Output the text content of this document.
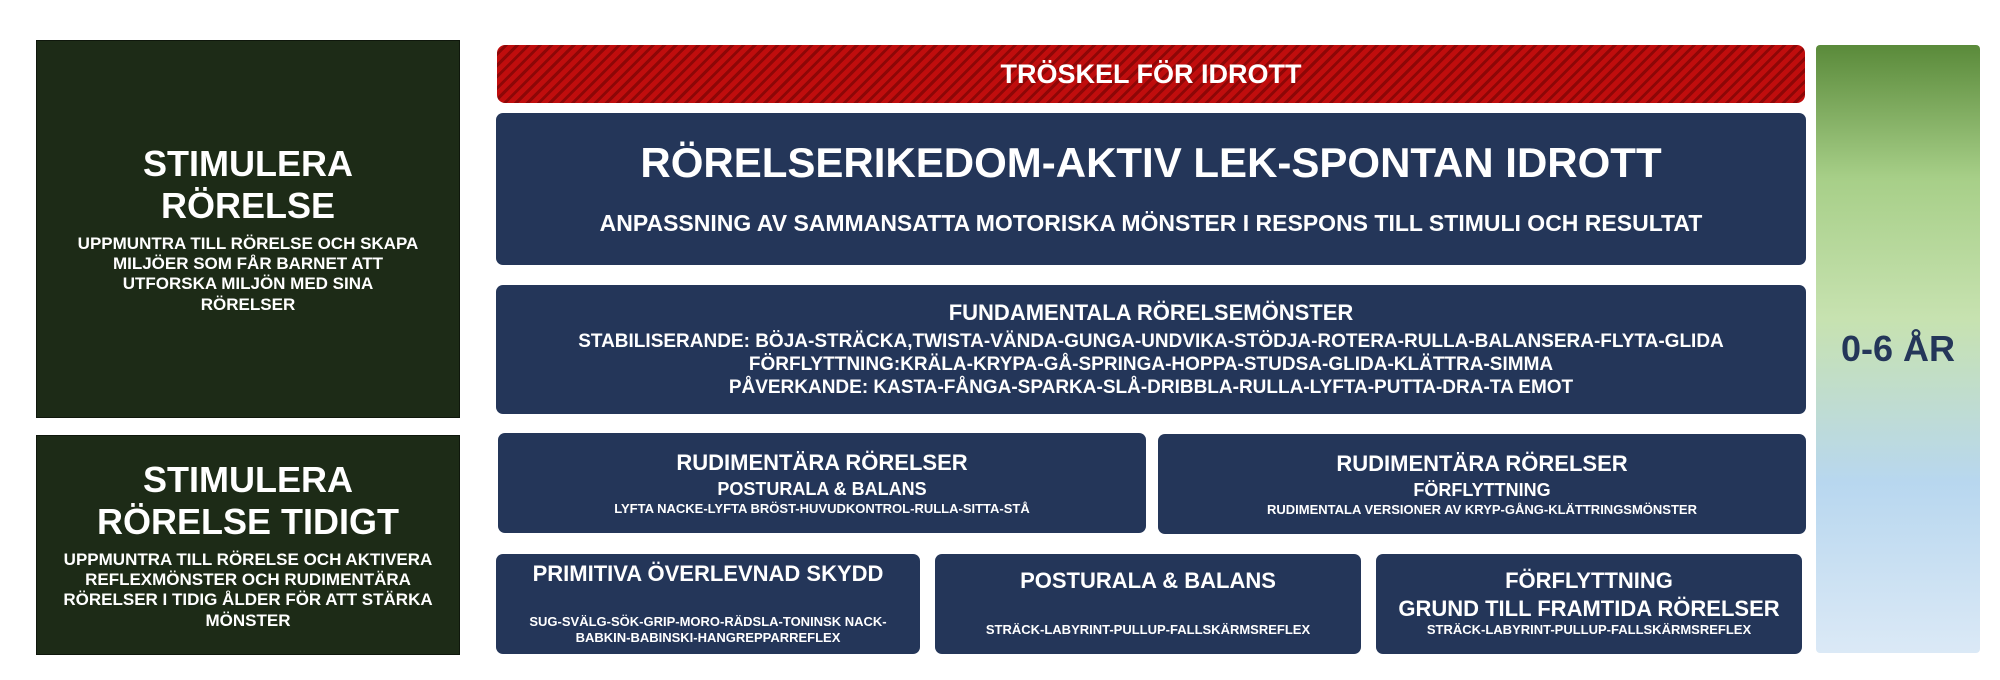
STIMULERA
RÖRELSE
UPPMUNTRA TILL RÖRELSE OCH SKAPA MILJÖER SOM FÅR BARNET ATT UTFORSKA MILJÖN MED SINA RÖRELSER
STIMULERA
RÖRELSE TIDIGT
UPPMUNTRA TILL RÖRELSE OCH AKTIVERA REFLEXMÖNSTER OCH RUDIMENTÄRA RÖRELSER I TIDIG ÅLDER FÖR ATT STÄRKA MÖNSTER
TRÖSKEL FÖR IDROTT
RÖRELSERIKEDOM-AKTIV LEK-SPONTAN IDROTT
ANPASSNING AV SAMMANSATTA MOTORISKA MÖNSTER I RESPONS TILL STIMULI OCH RESULTAT
FUNDAMENTALA RÖRELSEMÖNSTER
STABILISERANDE: BÖJA-STRÄCKA,TWISTA-VÄNDA-GUNGA-UNDVIKA-STÖDJA-ROTERA-RULLA-BALANSERA-FLYTA-GLIDA
FÖRFLYTTNING:KRÄLA-KRYPA-GÅ-SPRINGA-HOPPA-STUDSA-GLIDA-KLÄTTRA-SIMMA
PÅVERKANDE: KASTA-FÅNGA-SPARKA-SLÅ-DRIBBLA-RULLA-LYFTA-PUTTA-DRA-TA EMOT
RUDIMENTÄRA RÖRELSER
POSTURALA & BALANS
LYFTA NACKE-LYFTA BRÖST-HUVUDKONTROL-RULLA-SITTA-STÅ
RUDIMENTÄRA RÖRELSER
FÖRFLYTTNING
RUDIMENTALA VERSIONER AV KRYP-GÅNG-KLÄTTRINGSMÖNSTER
PRIMITIVA ÖVERLEVNAD SKYDD
SUG-SVÄLG-SÖK-GRIP-MORO-RÄDSLA-TONINSK NACK-BABKIN-BABINSKI-HANGREPPARREFLEX
POSTURALA & BALANS
STRÄCK-LABYRINT-PULLUP-FALLSKÄRMSREFLEX
FÖRFLYTTNING
GRUND TILL FRAMTIDA RÖRELSER
STRÄCK-LABYRINT-PULLUP-FALLSKÄRMSREFLEX
0-6 ÅR
